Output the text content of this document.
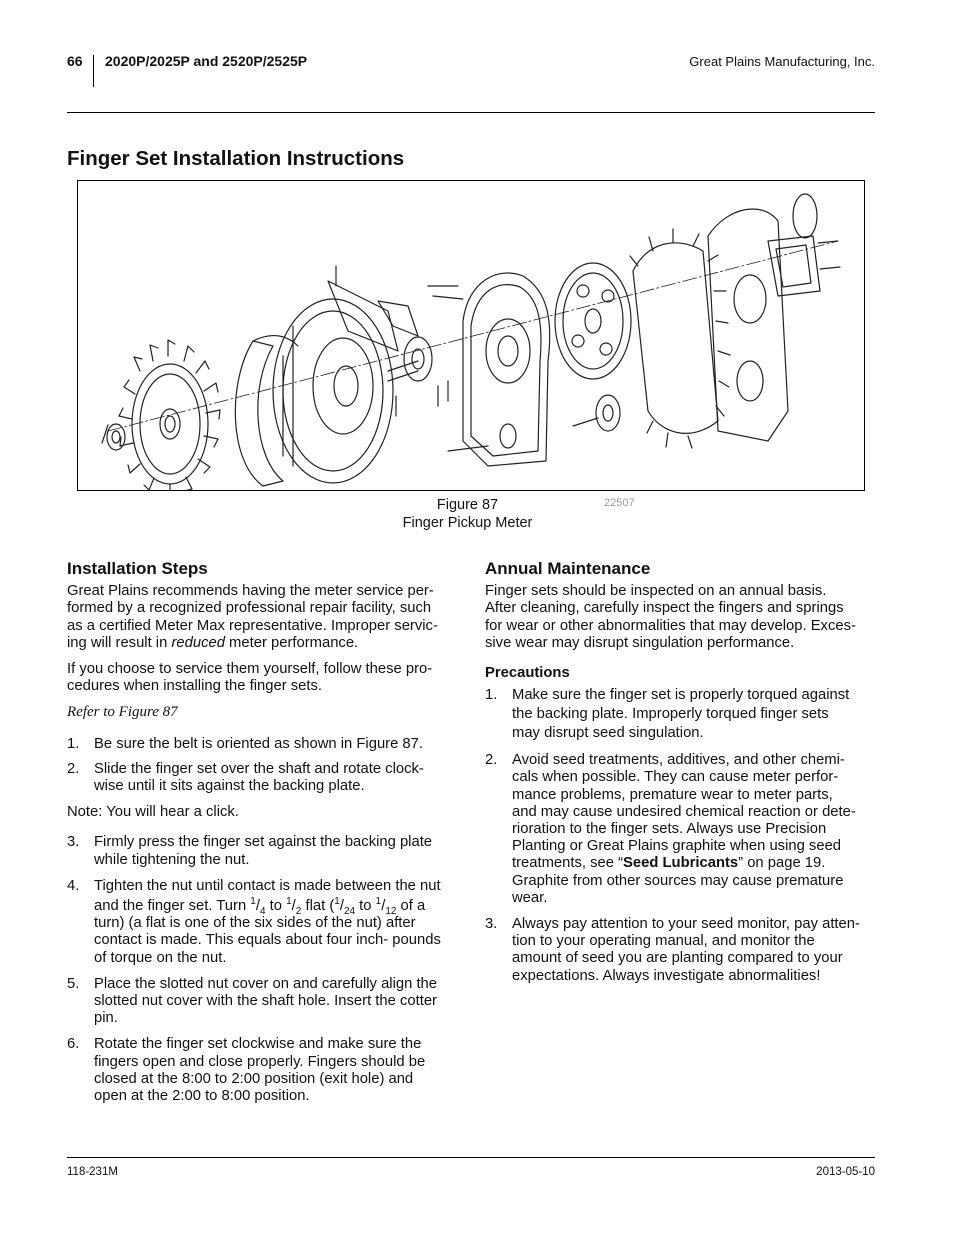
66 2020P/2025P and 2520P/2525P	Great Plains Manufacturing, Inc.
Finger Set Installation Instructions
Figure 87
Finger Pickup Meter
22507
Installation Steps

Great Plains recommends having the meter service per-
formed by a recognized professional repair facility, such
as a certified Meter Max representative. Improper servic-
ing will result in reduced meter performance.

If you choose to service them yourself, follow these pro-
cedures when installing the finger sets.

Refer to Figure 87

1. Be sure the belt is oriented as shown in Figure 87.
2. Slide the finger set over the shaft and rotate clock-
wise until it sits against the backing plate.

Note: You will hear a click.

3. Firmly press the finger set against the backing plate
while tightening the nut.
4. Tighten the nut until contact is made between the nut
and the finger set. Turn $^1/_4$ to $^1/_2$ flat ($^1/_{24}$ to $^1/_{12}$ of a
turn) (a flat is one of the six sides of the nut) after
contact is made. This equals about four inch- pounds
of torque on the nut.
5. Place the slotted nut cover on and carefully align the
slotted nut cover with the shaft hole. Insert the cotter
pin.
6. Rotate the finger set clockwise and make sure the
fingers open and close properly. Fingers should be
closed at the 8:00 to 2:00 position (exit hole) and
open at the 2:00 to 8:00 position.
Annual Maintenance

Finger sets should be inspected on an annual basis.
After cleaning, carefully inspect the fingers and springs
for wear or other abnormalities that may develop. Exces-
sive wear may disrupt singulation performance.

Precautions
1. Make sure the finger set is properly torqued against
the backing plate. Improperly torqued finger sets
may disrupt seed singulation.
2. Avoid seed treatments, additives, and other chemi-
cals when possible. They can cause meter perfor-
mance problems, premature wear to meter parts,
and may cause undesired chemical reaction or dete-
rioration to the finger sets. Always use Precision
Planting or Great Plains graphite when using seed
treatments, see “Seed Lubricants” on page 19.
Graphite from other sources may cause premature
wear.
3. Always pay attention to your seed monitor, pay atten-
tion to your operating manual, and monitor the
amount of seed you are planting compared to your
expectations. Always investigate abnormalities!
118-231M	2013-05-10
